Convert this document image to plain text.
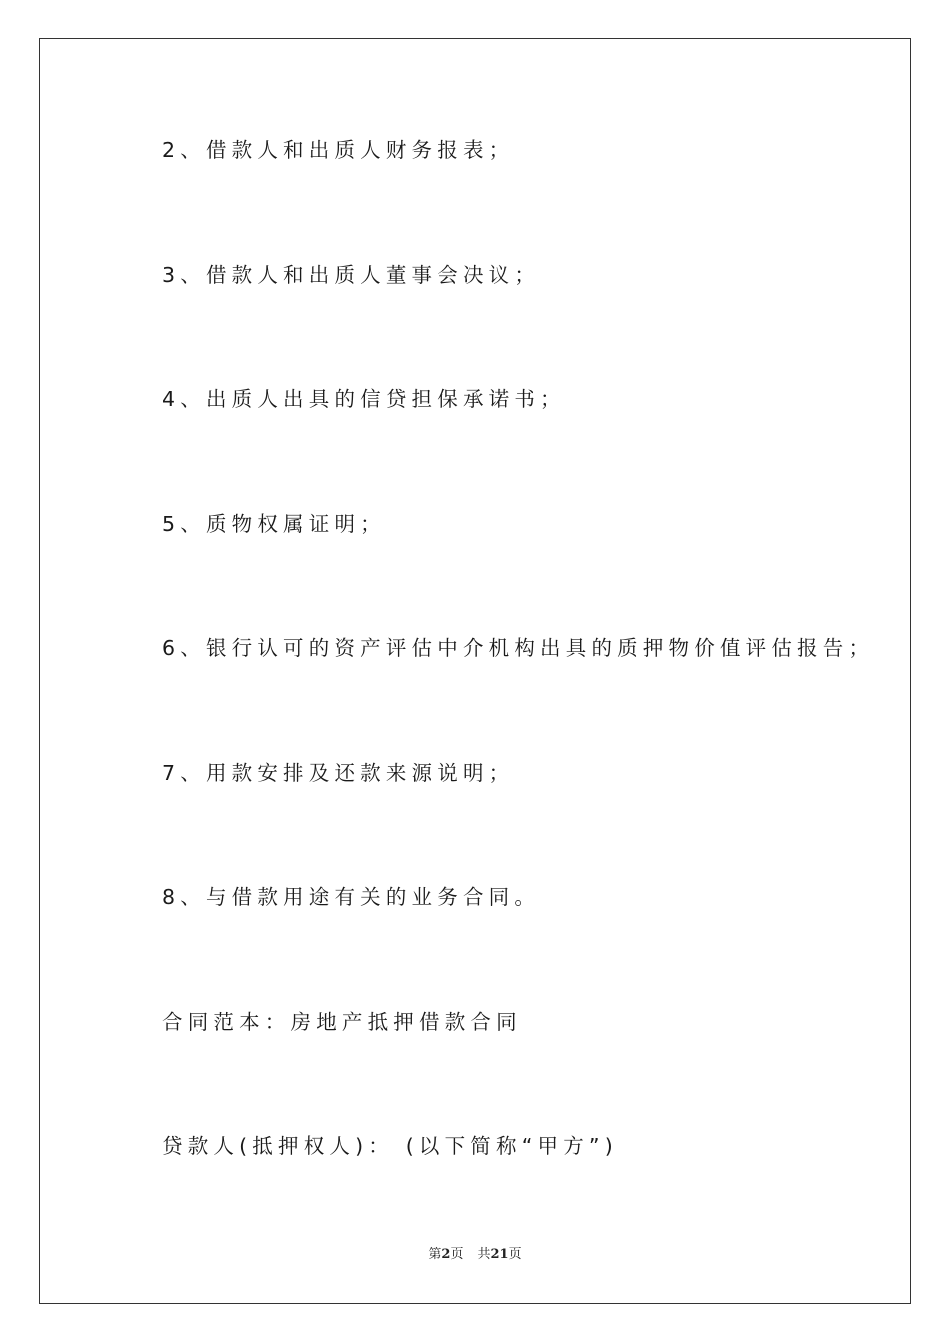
2、借款人和出质人财务报表；
3、借款人和出质人董事会决议；
4、出质人出具的信贷担保承诺书；
5、质物权属证明；
6、银行认可的资产评估中介机构出具的质押物价值评估报告；
7、用款安排及还款来源说明；
8、与借款用途有关的业务合同。
合同范本：房地产抵押借款合同
贷款人(抵押权人)： (以下简称“甲方”)
第2页 共21页
